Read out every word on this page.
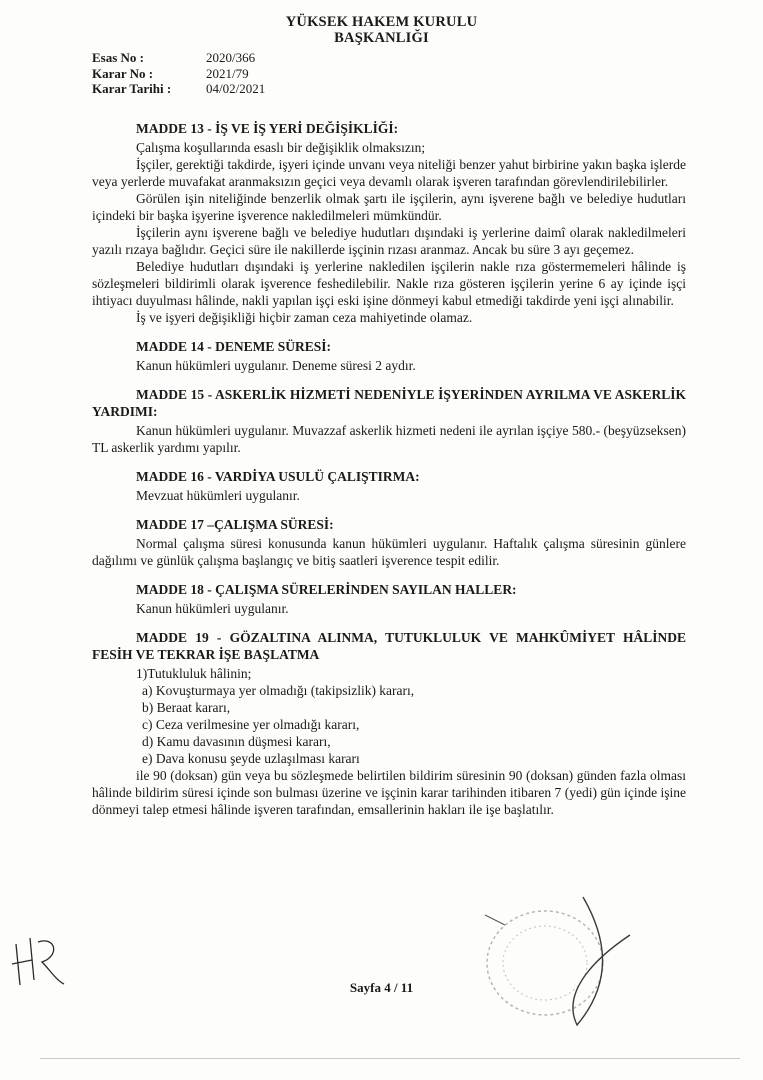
YÜKSEK HAKEM KURULU
BAŞKANLIĞI
Esas No :	2020/366
Karar No :	2021/79
Karar Tarihi :	04/02/2021
MADDE 13 - İŞ VE İŞ YERİ DEĞİŞİKLİĞİ:

Çalışma koşullarında esaslı bir değişiklik olmaksızın;

İşçiler, gerektiği takdirde, işyeri içinde unvanı veya niteliği benzer yahut birbirine yakın başka işlerde veya yerlerde muvafakat aranmaksızın geçici veya devamlı olarak işveren tarafından görevlendirilebilirler.

Görülen işin niteliğinde benzerlik olmak şartı ile işçilerin, aynı işverene bağlı ve belediye hudutları içindeki bir başka işyerine işverence nakledilmeleri mümkündür.

İşçilerin aynı işverene bağlı ve belediye hudutları dışındaki iş yerlerine daimî olarak nakledilmeleri yazılı rızaya bağlıdır. Geçici süre ile nakillerde işçinin rızası aranmaz. Ancak bu süre 3 ayı geçemez.

Belediye hudutları dışındaki iş yerlerine nakledilen işçilerin nakle rıza göstermemeleri hâlinde iş sözleşmeleri bildirimli olarak işverence feshedilebilir. Nakle rıza gösteren işçilerin yerine 6 ay içinde işçi ihtiyacı duyulması hâlinde, nakli yapılan işçi eski işine dönmeyi kabul etmediği takdirde yeni işçi alınabilir.

İş ve işyeri değişikliği hiçbir zaman ceza mahiyetinde olamaz.

MADDE 14 - DENEME SÜRESİ:

Kanun hükümleri uygulanır. Deneme süresi 2 aydır.

MADDE 15 - ASKERLİK HİZMETİ NEDENİYLE İŞYERİNDEN AYRILMA VE ASKERLİK YARDIMI:

Kanun hükümleri uygulanır. Muvazzaf askerlik hizmeti nedeni ile ayrılan işçiye 580.- (beşyüzseksen) TL askerlik yardımı yapılır.

MADDE 16 - VARDİYA USULÜ ÇALIŞTIRMA:

Mevzuat hükümleri uygulanır.

MADDE 17 –ÇALIŞMA SÜRESİ:

Normal çalışma süresi konusunda kanun hükümleri uygulanır. Haftalık çalışma süresinin günlere dağılımı ve günlük çalışma başlangıç ve bitiş saatleri işverence tespit edilir.

MADDE 18 - ÇALIŞMA SÜRELERİNDEN SAYILAN HALLER:

Kanun hükümleri uygulanır.

MADDE 19 - GÖZALTINA ALINMA, TUTUKLULUK VE MAHKÛMİYET HÂLİNDE FESİH VE TEKRAR İŞE BAŞLATMA

1)Tutukluluk hâlinin;

a) Kovuşturmaya yer olmadığı (takipsizlik) kararı,

b) Beraat kararı,

c) Ceza verilmesine yer olmadığı kararı,

d) Kamu davasının düşmesi kararı,

e) Dava konusu şeyde uzlaşılması kararı

ile 90 (doksan) gün veya bu sözleşmede belirtilen bildirim süresinin 90 (doksan) günden fazla olması hâlinde bildirim süresi içinde son bulması üzerine ve işçinin karar tarihinden itibaren 7 (yedi) gün içinde işine dönmeyi talep etmesi hâlinde işveren tarafından, emsallerinin hakları ile işe başlatılır.

Sayfa 4 / 11
